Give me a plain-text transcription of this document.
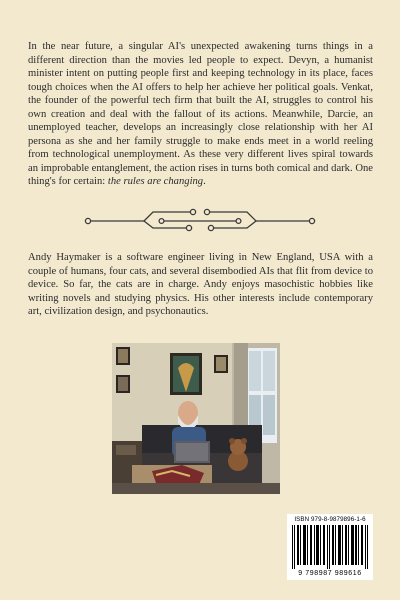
In the near future, a singular AI's unexpected awakening turns things in a different direction than the movies led people to expect. Devyn, a humanist minister intent on putting people first and keeping technology in its place, faces tough choices when the AI offers to help her achieve her political goals. Venkat, the founder of the powerful tech firm that built the AI, struggles to control his own creation and deal with the fallout of its actions. Meanwhile, Darcie, an unemployed teacher, develops an increasingly close relationship with her AI persona as she and her family struggle to make ends meet in a world reeling from technological unemployment. As these very different lives spiral towards an improbable entanglement, the action rises in turns both comical and dark. One thing's for certain: the rules are changing.

Andy Haymaker is a software engineer living in New England, USA with a couple of humans, four cats, and several disembodied AIs that flit from device to device. So far, the cats are in charge. Andy enjoys masochistic hobbies like writing novels and studying physics. His other interests include contemporary art, civilization design, and psychonautics.

ISBN 979-8-9879896-1-6
9 798987 989616
